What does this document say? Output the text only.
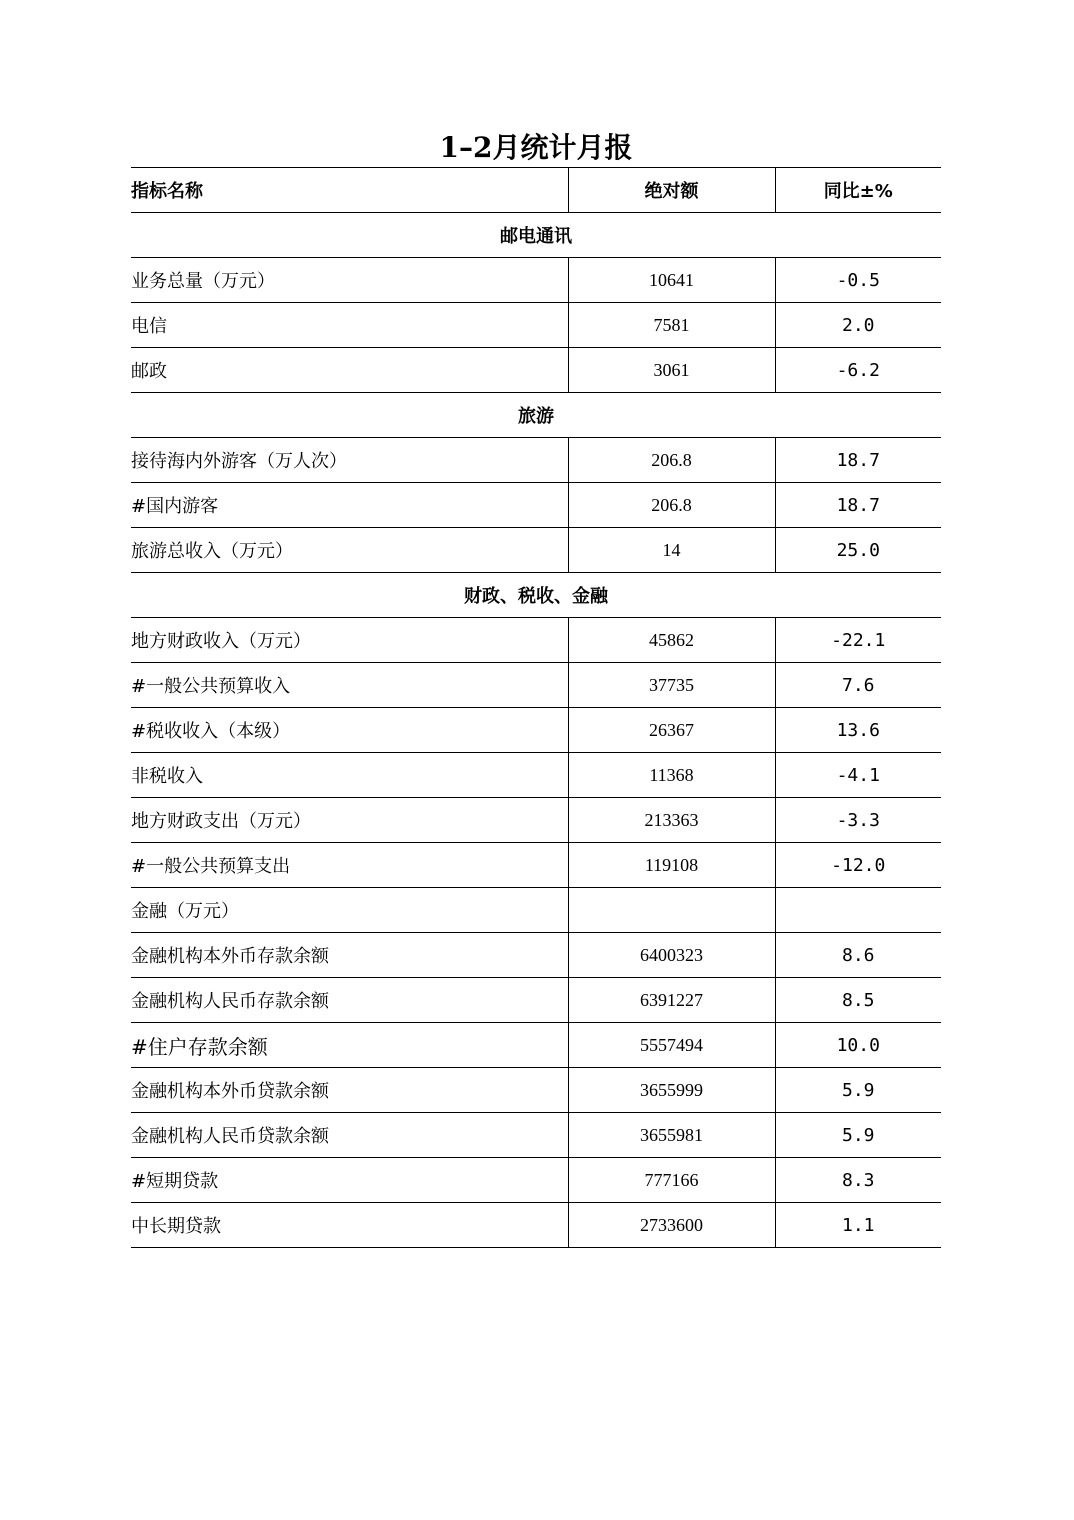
1–2月统计月报
指标名称	绝对额	同比±%
邮电通讯		
业务总量（万元）	10641	-0.5
电信	7581	2.0
邮政	3061	-6.2
旅游		
接待海内外游客（万人次）	206.8	18.7
#国内游客	206.8	18.7
旅游总收入（万元）	14	25.0
财政、税收、金融		
地方财政收入（万元）	45862	-22.1
#一般公共预算收入	37735	7.6
#税收收入（本级）	26367	13.6
非税收入	11368	-4.1
地方财政支出（万元）	213363	-3.3
#一般公共预算支出	119108	-12.0
金融（万元）		
金融机构本外币存款余额	6400323	8.6
金融机构人民币存款余额	6391227	8.5
#住户存款余额	5557494	10.0
金融机构本外币贷款余额	3655999	5.9
金融机构人民币贷款余额	3655981	5.9
#短期贷款	777166	8.3
中长期贷款	2733600	1.1
